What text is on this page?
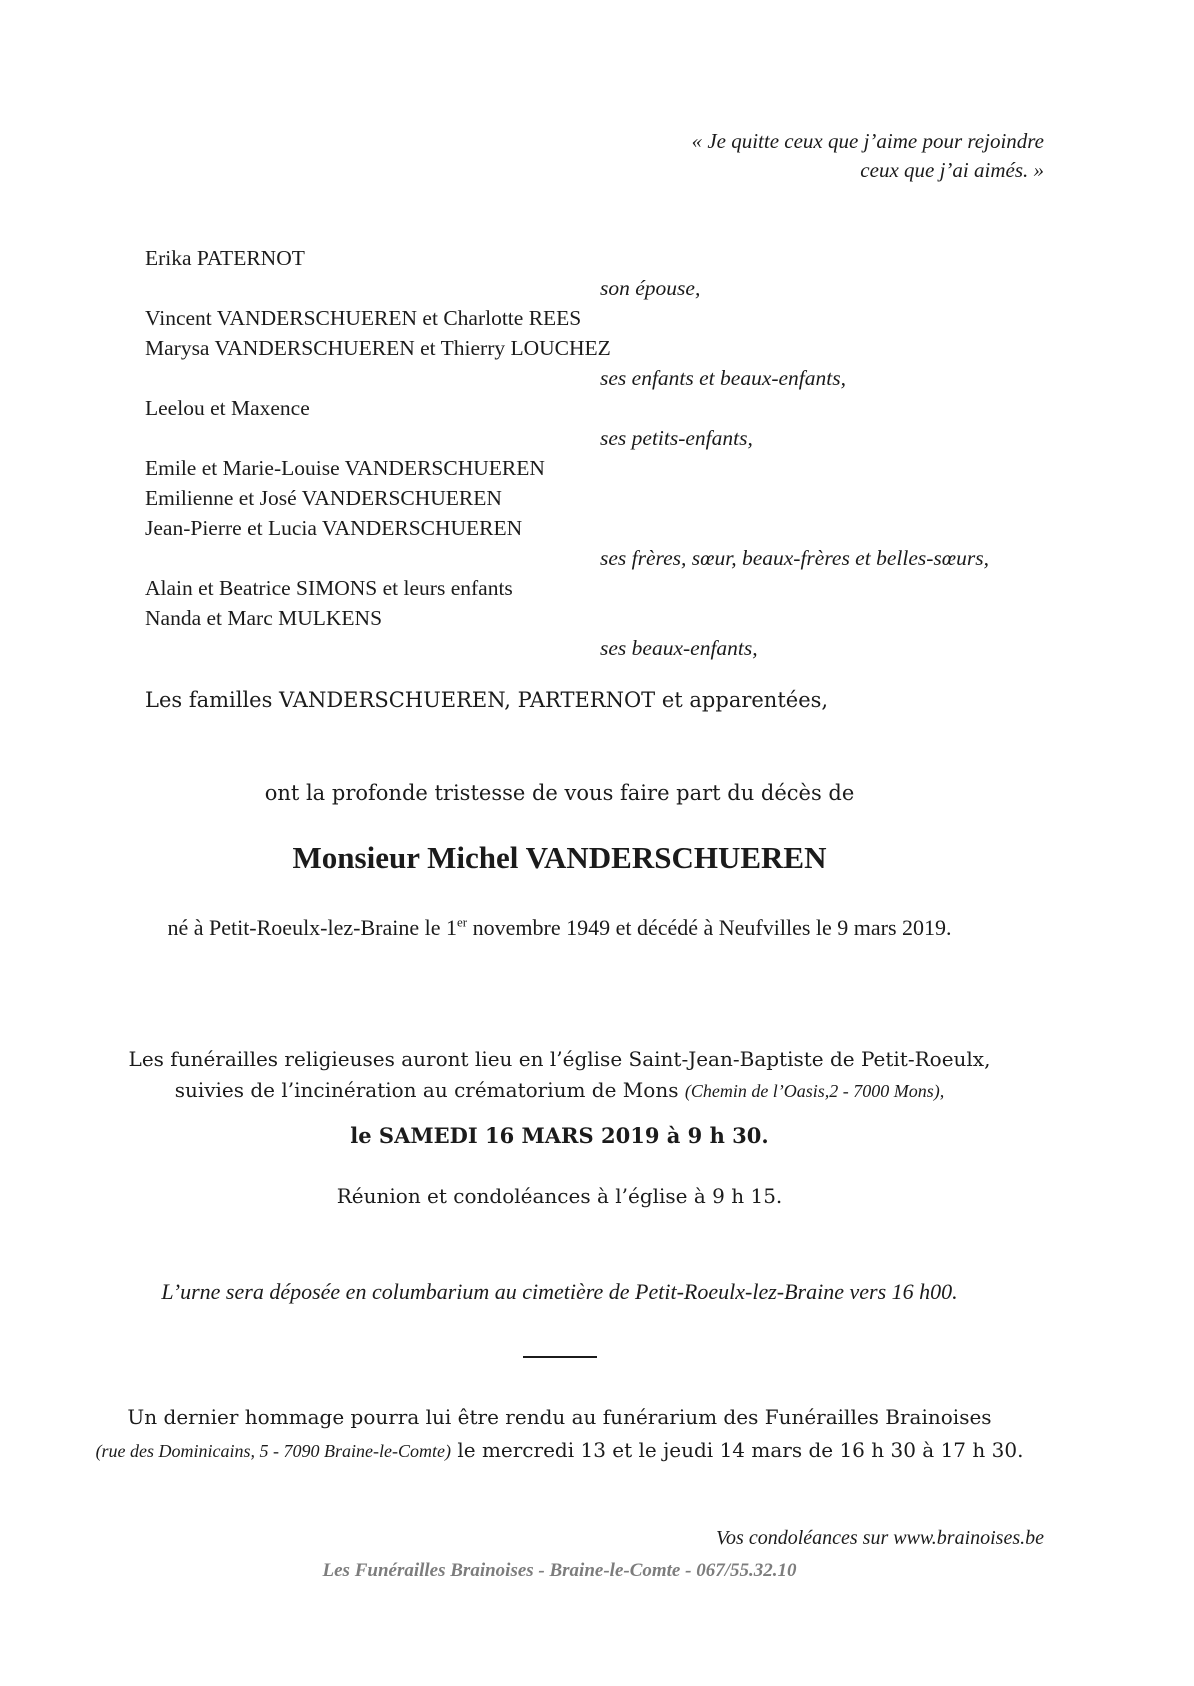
« Je quitte ceux que j’aime pour rejoindre
ceux que j’ai aimés. »
Erika PATERNOT
son épouse,
Vincent VANDERSCHUEREN et Charlotte REES
Marysa VANDERSCHUEREN et Thierry LOUCHEZ
ses enfants et beaux-enfants,
Leelou et Maxence
ses petits-enfants,
Emile et Marie-Louise VANDERSCHUEREN
Emilienne et José VANDERSCHUEREN
Jean-Pierre et Lucia VANDERSCHUEREN
ses frères, sœur, beaux-frères et belles-sœurs,
Alain et Beatrice SIMONS et leurs enfants
Nanda et Marc MULKENS
ses beaux-enfants,
Les familles VANDERSCHUEREN, PARTERNOT et apparentées,
ont la profonde tristesse de vous faire part du décès de
Monsieur Michel VANDERSCHUEREN
né à Petit-Roeulx-lez-Braine le 1er novembre 1949 et décédé à Neufvilles le 9 mars 2019.
Les funérailles religieuses auront lieu en l’église Saint-Jean-Baptiste de Petit-Roeulx,
suivies de l’incinération au crématorium de Mons (Chemin de l’Oasis,2 - 7000 Mons),
le SAMEDI 16 MARS 2019 à 9 h 30.
Réunion et condoléances à l’église à 9 h 15.
L’urne sera déposée en columbarium au cimetière de Petit-Roeulx-lez-Braine vers 16 h00.
Un dernier hommage pourra lui être rendu au funérarium des Funérailles Brainoises
(rue des Dominicains, 5 - 7090 Braine-le-Comte) le mercredi 13 et le jeudi 14 mars de 16 h 30 à 17 h 30.
Vos condoléances sur www.brainoises.be
Les Funérailles Brainoises - Braine-le-Comte - 067/55.32.10
